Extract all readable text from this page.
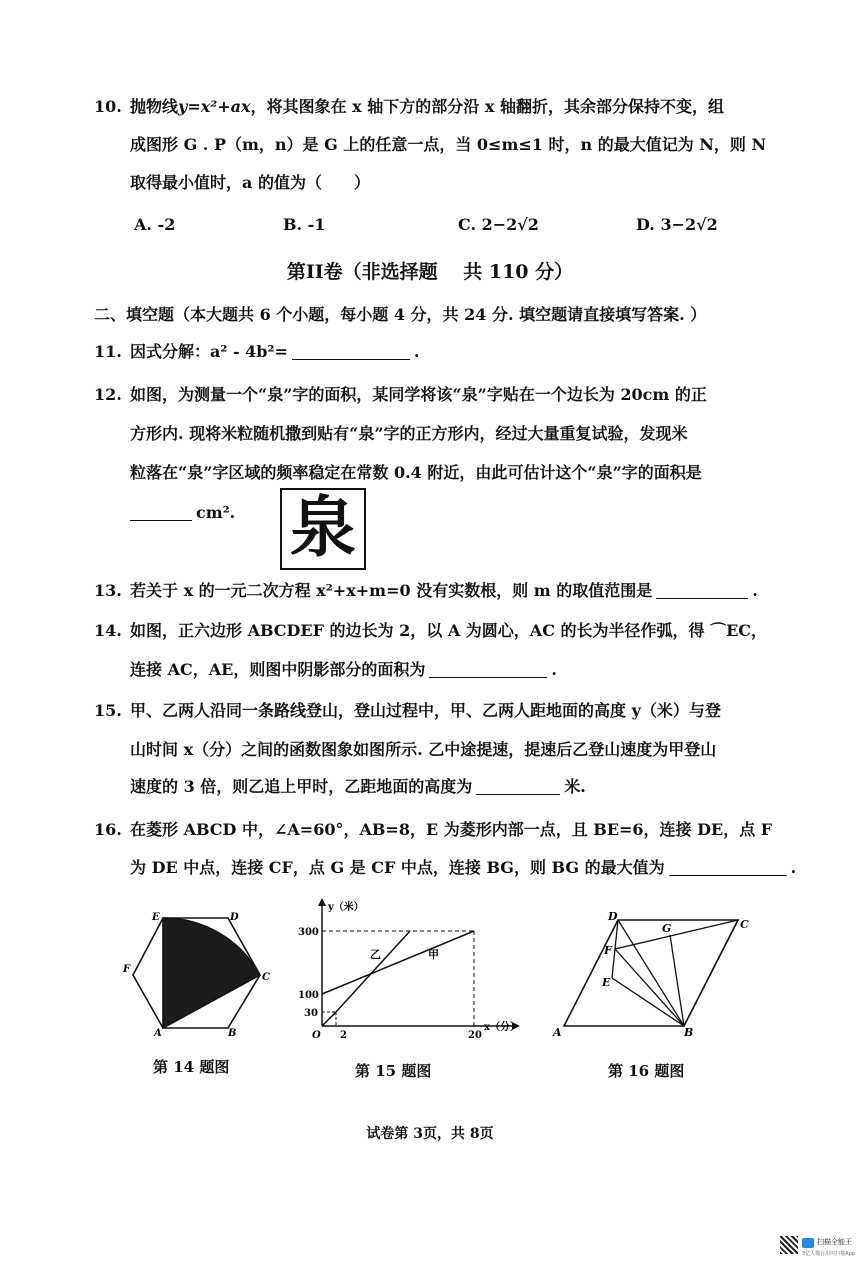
10. 抛物线y=x²+ax，将其图象在 x 轴下方的部分沿 x 轴翻折，其余部分保持不变，组
成图形 G . P（m，n）是 G 上的任意一点，当 0≤m≤1 时，n 的最大值记为 N，则 N
取得最小值时，a 的值为（　　）
A. -2	B. -1	C. 2−2√2	D. 3−2√2
第II卷（非选择题　 共 110 分）
二、填空题（本大题共 6 个小题，每小题 4 分，共 24 分. 填空题请直接填写答案. ）
11. 因式分解：a² - 4b²=	.
12. 如图，为测量一个“泉”字的面积，某同学将该“泉”字贴在一个边长为 20cm 的正
方形内. 现将米粒随机撒到贴有“泉”字的正方形内，经过大量重复试验，发现米
粒落在“泉”字区域的频率稳定在常数 0.4 附近，由此可估计这个“泉”字的面积是
cm². 泉
13. 若关于 x 的一元二次方程 x²+x+m=0 没有实数根，则 m 的取值范围是	.
14. 如图，正六边形 ABCDEF 的边长为 2，以 A 为圆心，AC 的长为半径作弧，得 ⌒EC，
连接 AC，AE，则图中阴影部分的面积为	.
15. 甲、乙两人沿同一条路线登山，登山过程中，甲、乙两人距地面的高度 y（米）与登
山时间 x（分）之间的函数图象如图所示. 乙中途提速，提速后乙登山速度为甲登山
速度的 3 倍，则乙追上甲时，乙距地面的高度为	米.
16. 在菱形 ABCD 中，∠A=60°，AB=8，E 为菱形内部一点，且 BE=6，连接 DE，点 F
为 DE 中点，连接 CF，点 G 是 CF 中点，连接 BG，则 BG 的最大值为	.
E	D
C
F
A	B
y（米）
x（分）
O
300
100
30
2	20
乙	甲
D
C
G
F
E
A	B
第 14 题图	第 15 题图	第 16 题图
试卷第 3页，共 8页
扫描全能王
3亿人都在用的扫描App
